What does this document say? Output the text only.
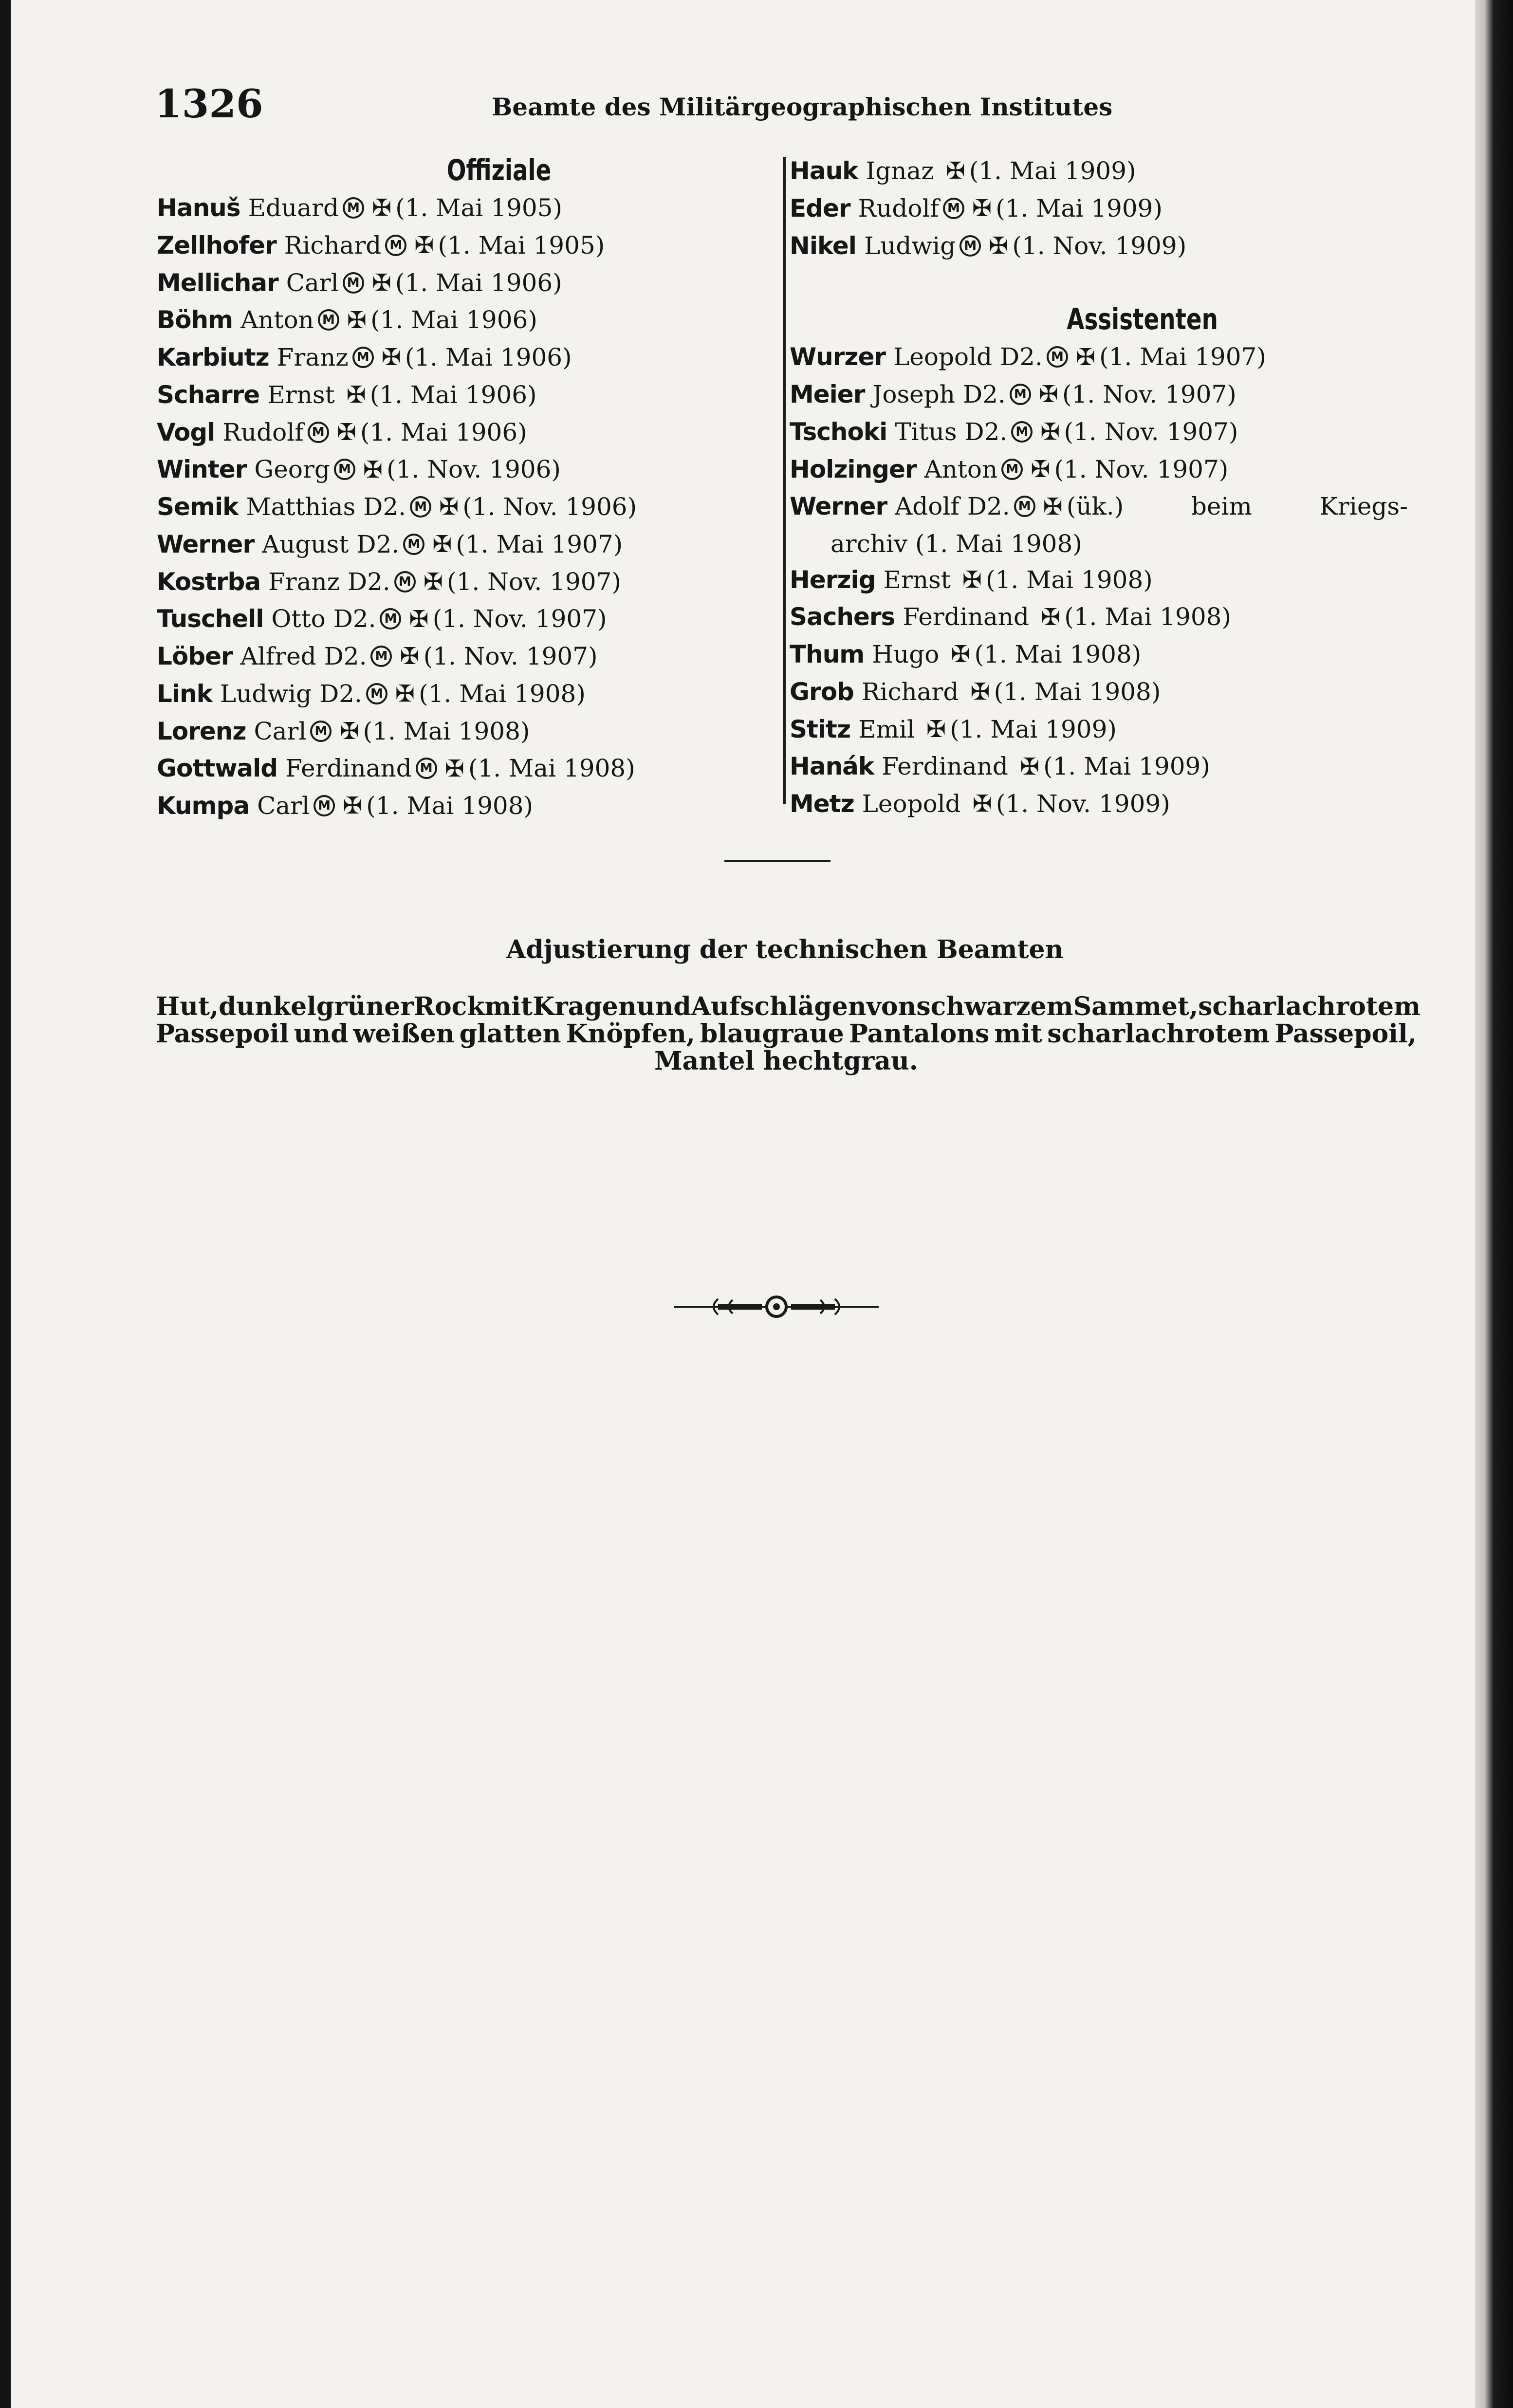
1326	Beamte des Militärgeographischen Institutes
Offiziale
Hanuš Eduard M ✠ (1. Mai 1905)
Zellhofer Richard M ✠ (1. Mai 1905)
Mellichar Carl M ✠ (1. Mai 1906)
Böhm Anton M ✠ (1. Mai 1906)
Karbiutz Franz M ✠ (1. Mai 1906)
Scharre Ernst ✠ (1. Mai 1906)
Vogl Rudolf M ✠ (1. Mai 1906)
Winter Georg M ✠ (1. Nov. 1906)
Semik Matthias D2. M ✠ (1. Nov. 1906)
Werner August D2. M ✠ (1. Mai 1907)
Kostrba Franz D2. M ✠ (1. Nov. 1907)
Tuschell Otto D2. M ✠ (1. Nov. 1907)
Löber Alfred D2. M ✠ (1. Nov. 1907)
Link Ludwig D2. M ✠ (1. Mai 1908)
Lorenz Carl M ✠ (1. Mai 1908)
Gottwald Ferdinand M ✠ (1. Mai 1908)
Kumpa Carl M ✠ (1. Mai 1908)
Hauk Ignaz ✠ (1. Mai 1909)
Eder Rudolf M ✠ (1. Mai 1909)
Nikel Ludwig M ✠ (1. Nov. 1909)
Assistenten
Wurzer Leopold D2. M ✠ (1. Mai 1907)
Meier Joseph D2. M ✠ (1. Nov. 1907)
Tschoki Titus D2. M ✠ (1. Nov. 1907)
Holzinger Anton M ✠ (1. Nov. 1907)
Werner Adolf D2. M ✠ (ük.)	beim	Kriegs-
archiv (1. Mai 1908)
Herzig Ernst ✠ (1. Mai 1908)
Sachers Ferdinand ✠ (1. Mai 1908)
Thum Hugo ✠ (1. Mai 1908)
Grob Richard ✠ (1. Mai 1908)
Stitz Emil ✠ (1. Mai 1909)
Hanák Ferdinand ✠ (1. Mai 1909)
Metz Leopold ✠ (1. Nov. 1909)
Adjustierung der technischen Beamten
Hut, dunkelgrüner Rock mit Kragen und Aufschlägen von schwarzem Sammet, scharlachrotem
Passepoil und weißen glatten Knöpfen, blaugraue Pantalons mit scharlachrotem Passepoil,
Mantel hechtgrau.
